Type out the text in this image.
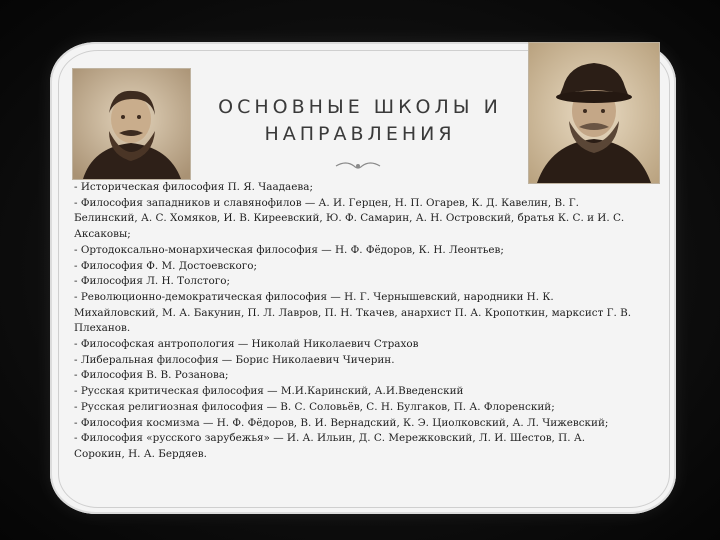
ОСНОВНЫЕ ШКОЛЫ И
НАПРАВЛЕНИЯ
- Историческая философия П. Я. Чаадаева;
- Философия западников и славянофилов — А. И. Герцен, Н. П. Огарев, К. Д. Кавелин, В. Г. Белинский, А. С. Хомяков, И. В. Киреевский, Ю. Ф. Самарин, А. Н. Островский, братья К. С. и И. С. Аксаковы;
- Ортодоксально-монархическая философия — Н. Ф. Фёдоров, К. Н. Леонтьев;
- Философия Ф. М. Достоевского;
- Философия Л. Н. Толстого;
- Революционно-демократическая философия — Н. Г. Чернышевский, народники Н. К. Михайловский, М. А. Бакунин, П. Л. Лавров, П. Н. Ткачев, анархист П. А. Кропоткин, марксист Г. В. Плеханов.
- Философская антропология — Николай Николаевич Страхов
- Либеральная философия — Борис Николаевич Чичерин.
- Философия В. В. Розанова;
- Русская критическая философия — М.И.Каринский, А.И.Введенский
- Русская религиозная философия — В. С. Соловьёв, С. Н. Булгаков, П. А. Флоренский;
- Философия космизма — Н. Ф. Фёдоров, В. И. Вернадский, К. Э. Циолковский, А. Л. Чижевский;
- Философия «русского зарубежья» — И. А. Ильин, Д. С. Мережковский, Л. И. Шестов, П. А. Сорокин, Н. А. Бердяев.
